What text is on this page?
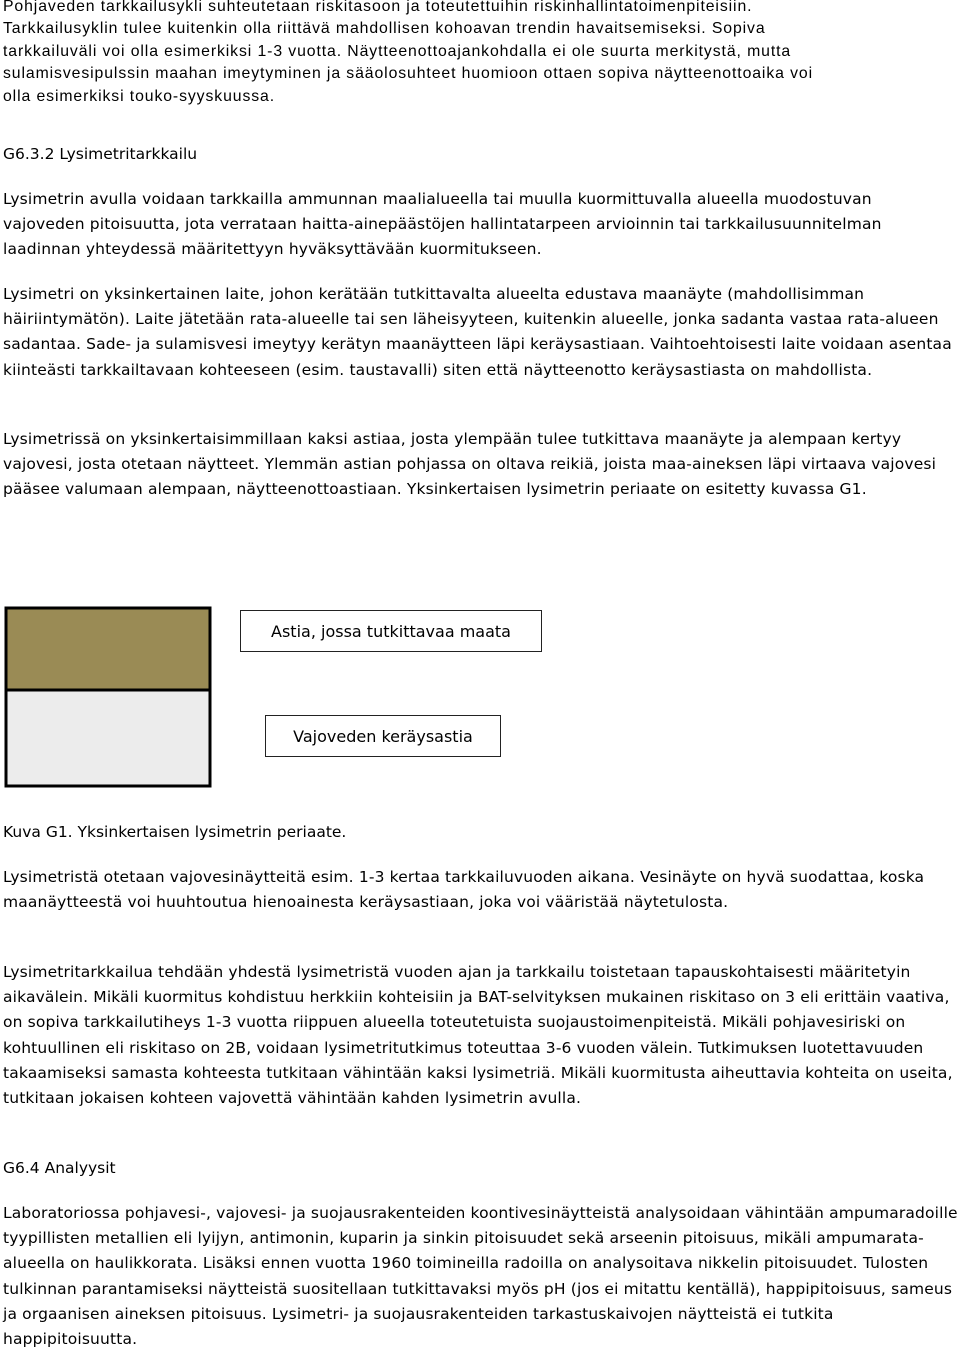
Pohjaveden tarkkailusykli suhteutetaan riskitasoon ja toteutettuihin riskinhallintatoimenpiteisiin.
Tarkkailusyklin tulee kuitenkin olla riittävä mahdollisen kohoavan trendin havaitsemiseksi. Sopiva
tarkkailuväli voi olla esimerkiksi 1-3 vuotta. Näytteenottoajankohdalla ei ole suurta merkitystä, mutta
sulamisvesipulssin maahan imeytyminen ja sääolosuhteet huomioon ottaen sopiva näytteenottoaika voi
olla esimerkiksi touko-syyskuussa.
G6.3.2 Lysimetritarkkailu

Lysimetrin avulla voidaan tarkkailla ammunnan maalialueella tai muulla kuormittuvalla alueella muodostuvan vajoveden pitoisuutta, jota verrataan haitta-ainepäästöjen hallintatarpeen arvioinnin tai tarkkailusuunnitelman laadinnan yhteydessä määritettyyn hyväksyttävään kuormitukseen.

Lysimetri on yksinkertainen laite, johon kerätään tutkittavalta alueelta edustava maanäyte (mahdollisimman häiriintymätön). Laite jätetään rata-alueelle tai sen läheisyyteen, kuitenkin alueelle, jonka sadanta vastaa rata-alueen sadantaa. Sade- ja sulamisvesi imeytyy kerätyn maanäytteen läpi keräysastiaan. Vaihtoehtoisesti laite voidaan asentaa kiinteästi tarkkailtavaan kohteeseen (esim. taustavalli) siten että näytteenotto keräysastiasta on mahdollista.

Lysimetrissä on yksinkertaisimmillaan kaksi astiaa, josta ylempään tulee tutkittava maanäyte ja alempaan kertyy vajovesi, josta otetaan näytteet. Ylemmän astian pohjassa on oltava reikiä, joista maa-aineksen läpi virtaava vajovesi pääsee valumaan alempaan, näytteenottoastiaan. Yksinkertaisen lysimetrin periaate on esitetty kuvassa G1.

Astia, jossa tutkittavaa maata
Vajoveden keräysastia

Kuva G1. Yksinkertaisen lysimetrin periaate.

Lysimetristä otetaan vajovesinäytteitä esim. 1-3 kertaa tarkkailuvuoden aikana. Vesinäyte on hyvä suodattaa, koska maanäytteestä voi huuhtoutua hienoainesta keräysastiaan, joka voi vääristää näytetulosta.

Lysimetritarkkailua tehdään yhdestä lysimetristä vuoden ajan ja tarkkailu toistetaan tapauskohtaisesti määritetyin aikavälein. Mikäli kuormitus kohdistuu herkkiin kohteisiin ja BAT-selvityksen mukainen riskitaso on 3 eli erittäin vaativa, on sopiva tarkkailutiheys 1-3 vuotta riippuen alueella toteutetuista suojaustoimenpiteistä. Mikäli pohjavesiriski on kohtuullinen eli riskitaso on 2B, voidaan lysimetritutkimus toteuttaa 3-6 vuoden välein. Tutkimuksen luotettavuuden takaamiseksi samasta kohteesta tutkitaan vähintään kaksi lysimetriä. Mikäli kuormitusta aiheuttavia kohteita on useita, tutkitaan jokaisen kohteen vajovettä vähintään kahden lysimetrin avulla.

G6.4 Analyysit

Laboratoriossa pohjavesi-, vajovesi- ja suojausrakenteiden koontivesinäytteistä analysoidaan vähintään ampumaradoille tyypillisten metallien eli lyijyn, antimonin, kuparin ja sinkin pitoisuudet sekä arseenin pitoisuus, mikäli ampumarata-alueella on haulikkorata. Lisäksi ennen vuotta 1960 toimineilla radoilla on analysoitava nikkelin pitoisuudet. Tulosten tulkinnan parantamiseksi näytteistä suositellaan tutkittavaksi myös pH (jos ei mitattu kentällä), happipitoisuus, sameus ja orgaanisen aineksen pitoisuus. Lysimetri- ja suojausrakenteiden tarkastuskaivojen näytteistä ei tutkita happipitoisuutta.
